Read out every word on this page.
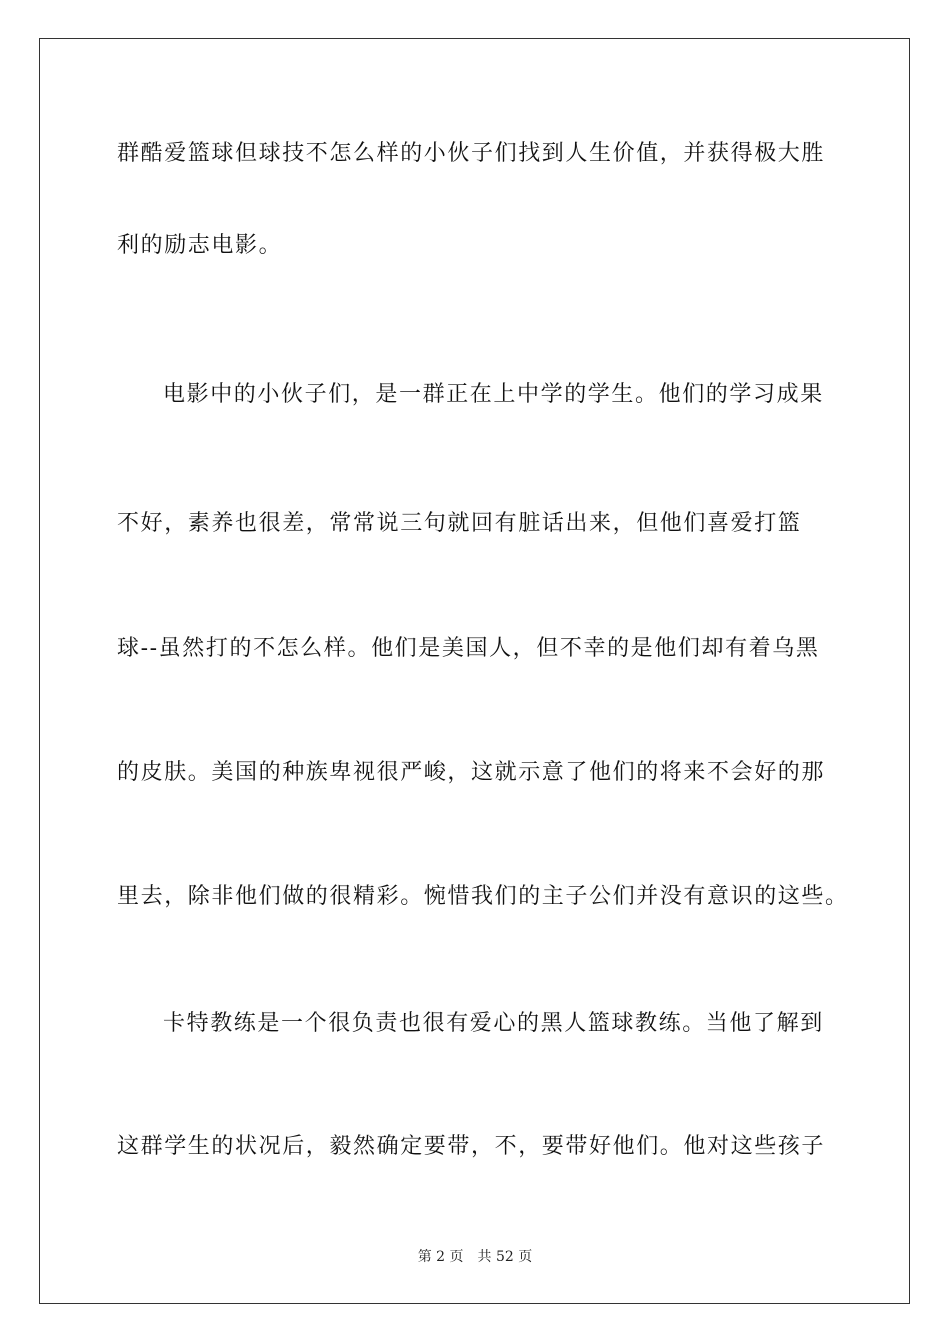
群酷爱篮球但球技不怎么样的小伙子们找到人生价值，并获得极大胜
利的励志电影。
电影中的小伙子们，是一群正在上中学的学生。他们的学习成果
不好，素养也很差，常常说三句就回有脏话出来，但他们喜爱打篮
球--虽然打的不怎么样。他们是美国人，但不幸的是他们却有着乌黑
的皮肤。美国的种族卑视很严峻，这就示意了他们的将来不会好的那
里去，除非他们做的很精彩。惋惜我们的主子公们并没有意识的这些。
卡特教练是一个很负责也很有爱心的黑人篮球教练。当他了解到
这群学生的状况后，毅然确定要带，不，要带好他们。他对这些孩子
第 2 页 共 52 页
